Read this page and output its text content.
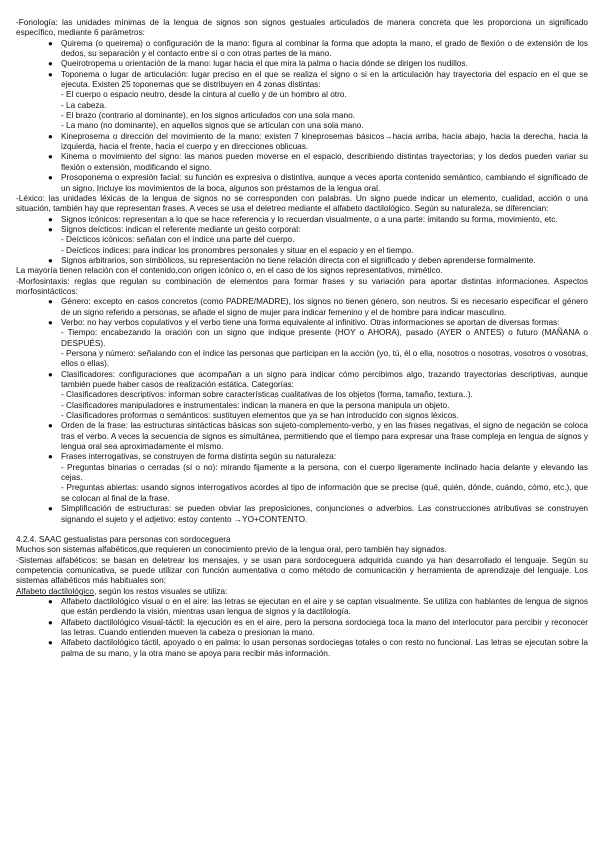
-Fonología: las unidades mínimas de la lengua de signos son signos gestuales articulados de manera concreta que les proporciona un significado específico, mediante 6 parámetros:

● Quirema (o queirema) o configuración de la mano: figura al combinar la forma que adopta la mano, el grado de flexión o de extensión de los dedos, su separación y el contacto entre sí o con otras partes de la mano.
● Queirotropema u orientación de la mano: lugar hacia el que mira la palma o hacia dónde se dirigen los nudillos.
● Toponema o lugar de articulación: lugar preciso en el que se realiza el signo o si en la articulación hay trayectoria del espacio en el que se ejecuta. Existen 25 toponemas que se distribuyen en 4 zonas distintas:
- El cuerpo o espacio neutro, desde la cintura al cuello y de un hombro al otro.
- La cabeza.
- El brazo (contrario al dominante), en los signos articulados con una sola mano.
- La mano (no dominante), en aquellos signos que se articulan con una sola mano.
● Kineprosema o dirección del movimiento de la mano: existen 7 kineprosemas básicos→hacia arriba, hacia abajo, hacia la derecha, hacia la izquierda, hacia el frente, hacia el cuerpo y en direcciones oblicuas.
● Kinema o movimiento del signo: las manos pueden moverse en el espacio, describiendo distintas trayectorias; y los dedos pueden variar su flexión o extensión, modificando el signo.
● Prosoponema o expresión facial: su función es expresiva o distintiva, aunque a veces aporta contenido semántico, cambiando el significado de un signo. Incluye los movimientos de la boca, algunos son préstamos de la lengua oral.

-Léxico: las unidades léxicas de la lengua de signos no se corresponden con palabras. Un signo puede indicar un elemento, cualidad, acción o una situación, también hay que representan frases. A veces se usa el deletreo mediante el alfabeto dactilológico. Según su naturaleza, se diferencian:

● Signos icónicos: representan a lo que se hace referencia y lo recuerdan visualmente, o a una parte: imitando su forma, movimiento, etc.
● Signos deícticos: indican el referente mediante un gesto corporal:
- Deícticos icónicos: señalan con el índice una parte del cuerpo.
- Deícticos índices: para indicar los pronombres personales y situar en el espacio y en el tiempo.
● Signos arbitrarios, son simbólicos, su representación no tiene relación directa con el significado y deben aprenderse formalmente.

La mayoría tienen relación con el contenido,con origen icónico o, en el caso de los signos representativos, mimético.

-Morfosintaxis: reglas que regulan su combinación de elementos para formar frases y su variación para aportar distintas informaciones. Aspectos morfosintácticos:

● Género: excepto en casos concretos (como PADRE/MADRE), los signos no tienen género, son neutros. Si es necesario especificar el género de un signo referido a personas, se añade el signo de mujer para indicar femenino y el de hombre para indicar masculino.
● Verbo: no hay verbos copulativos y el verbo tiene una forma equivalente al infinitivo. Otras informaciones se aportan de diversas formas:
- Tiempo: encabezando la oración con un signo que indique presente (HOY o AHORA), pasado (AYER o ANTES) o futuro (MAÑANA o DESPUÉS).
- Persona y número: señalando con el índice las personas que participan en la acción (yo, tú, él o ella, nosotros o nosotras, vosotros o vosotras, ellos o ellas).
● Clasificadores: configuraciones que acompañan a un signo para indicar cómo percibimos algo, trazando trayectorias descriptivas, aunque también puede haber casos de realización estática. Categorías:
- Clasificadores descriptivos: informan sobre características cualitativas de los objetos (forma, tamaño, textura..).
- Clasificadores manipuladores e instrumentales: indican la manera en que la persona manipula un objeto.
- Clasificadores proformas o semánticos: sustituyen elementos que ya se han introducido con signos léxicos.
● Orden de la frase: las estructuras sintácticas básicas son sujeto-complemento-verbo, y en las frases negativas, el signo de negación se coloca tras el verbo. A veces la secuencia de signos es simultánea, permitiendo que el tiempo para expresar una frase compleja en lengua de signos y lengua oral sea aproximadamente el mismo.
● Frases interrogativas, se construyen de forma distinta según su naturaleza:
- Preguntas binarias o cerradas (sí o no): mirando fijamente a la persona, con el cuerpo ligeramente inclinado hacia delante y elevando las cejas.
- Preguntas abiertas: usando signos interrogativos acordes al tipo de información que se precise (qué, quién, dónde, cuándo, cómo, etc.), que se colocan al final de la frase.
● Simplificación de estructuras: se pueden obviar las preposiciones, conjunciones o adverbios. Las construcciones atributivas se construyen signando el sujeto y el adjetivo: estoy contento →YO+CONTENTO.

4.2.4. SAAC gestualistas para personas con sordoceguera

Muchos son sistemas alfabéticos,que requieren un conocimiento previo de la lengua oral, pero también hay signados.

-Sistemas alfabéticos: se basan en deletrear los mensajes, y se usan para sordoceguera adquirida cuando ya han desarrollado el lenguaje. Según su competencia comunicativa, se puede utilizar con función aumentativa o como método de comunicación y herramienta de aprendizaje del lenguaje. Los sistemas alfabéticos más habituales son:

Alfabeto dactilológico, según los restos visuales se utiliza:

● Alfabeto dactilológico visual o en el aire: las letras se ejecutan en el aire y se captan visualmente. Se utiliza con hablantes de lengua de signos que están perdiendo la visión, mientras usan lengua de signos y la dactilología.
● Alfabeto dactilológico visual-táctil: la ejecución es en el aire, pero la persona sordociega toca la mano del interlocutor para percibir y reconocer las letras. Cuando entienden mueven la cabeza o presionan la mano.
● Alfabeto dactilológico táctil, apoyado o en palma: lo usan personas sordociegas totales o con resto no funcional. Las letras se ejecutan sobre la palma de su mano, y la otra mano se apoya para recibir más información.
